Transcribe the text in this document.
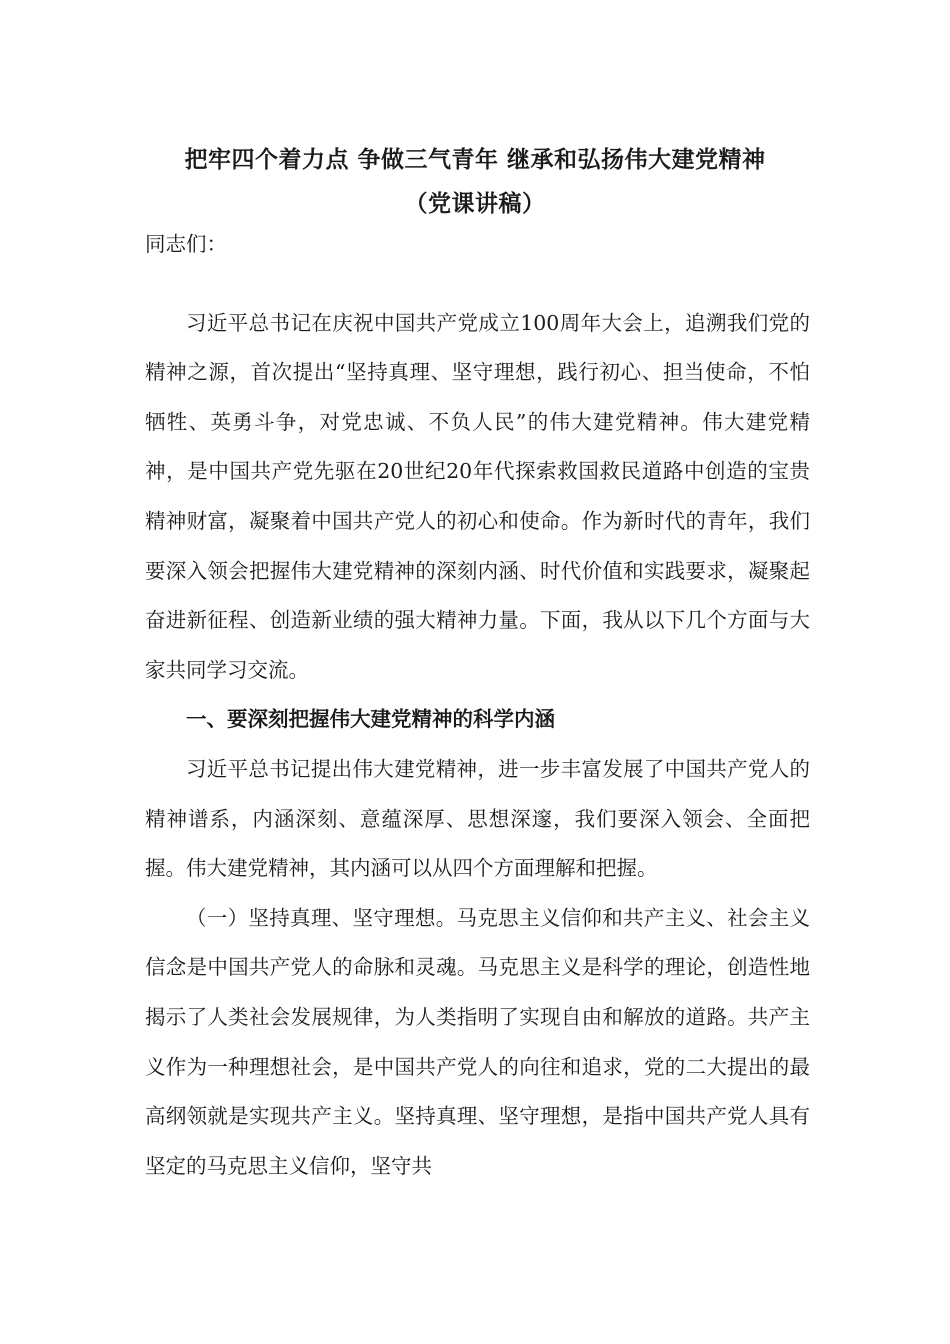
把牢四个着力点 争做三气青年 继承和弘扬伟大建党精神
（党课讲稿）

同志们：

习近平总书记在庆祝中国共产党成立100周年大会上，追溯我们党的精神之源，首次提出“坚持真理、坚守理想，践行初心、担当使命，不怕牺牲、英勇斗争，对党忠诚、不负人民”的伟大建党精神。伟大建党精神，是中国共产党先驱在20世纪20年代探索救国救民道路中创造的宝贵精神财富，凝聚着中国共产党人的初心和使命。作为新时代的青年，我们要深入领会把握伟大建党精神的深刻内涵、时代价值和实践要求，凝聚起奋进新征程、创造新业绩的强大精神力量。下面，我从以下几个方面与大家共同学习交流。

一、要深刻把握伟大建党精神的科学内涵

习近平总书记提出伟大建党精神，进一步丰富发展了中国共产党人的精神谱系，内涵深刻、意蕴深厚、思想深邃，我们要深入领会、全面把握。伟大建党精神，其内涵可以从四个方面理解和把握。

（一）坚持真理、坚守理想。马克思主义信仰和共产主义、社会主义信念是中国共产党人的命脉和灵魂。马克思主义是科学的理论，创造性地揭示了人类社会发展规律，为人类指明了实现自由和解放的道路。共产主义作为一种理想社会，是中国共产党人的向往和追求，党的二大提出的最高纲领就是实现共产主义。坚持真理、坚守理想，是指中国共产党人具有坚定的马克思主义信仰，坚守共
